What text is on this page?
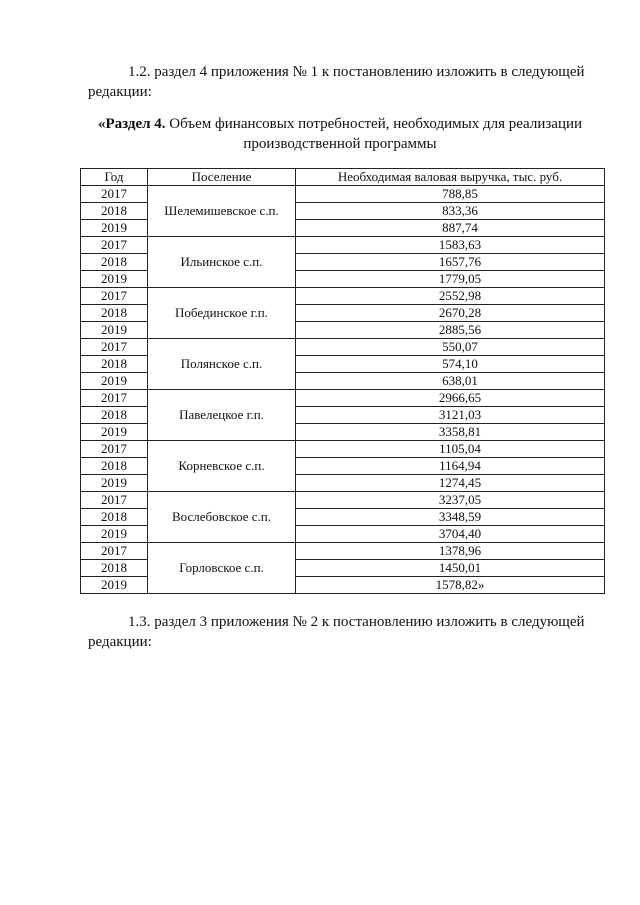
1.2. раздел 4 приложения № 1 к постановлению изложить в следующей
редакции:
«Раздел 4. Объем финансовых потребностей, необходимых для реализации
производственной программы
Год	Поселение	Необходимая валовая выручка, тыс. руб.
2017	Шелемишевское с.п.	788,85

2018		833,36

2019		887,74

2017	Ильинское с.п.	1583,63

2018		1657,76

2019		1779,05

2017	Побединское г.п.	2552,98

2018		2670,28

2019		2885,56

2017	Полянское с.п.	550,07

2018		574,10

2019		638,01

2017	Павелецкое г.п.	2966,65

2018		3121,03

2019		3358,81

2017	Корневское с.п.	1105,04

2018		1164,94

2019		1274,45

2017	Вослебовское с.п.	3237,05

2018		3348,59

2019		3704,40

2017	Горловское с.п.	1378,96

2018		1450,01

2019		1578,82»
1.3. раздел 3 приложения № 2 к постановлению изложить в следующей
редакции:
